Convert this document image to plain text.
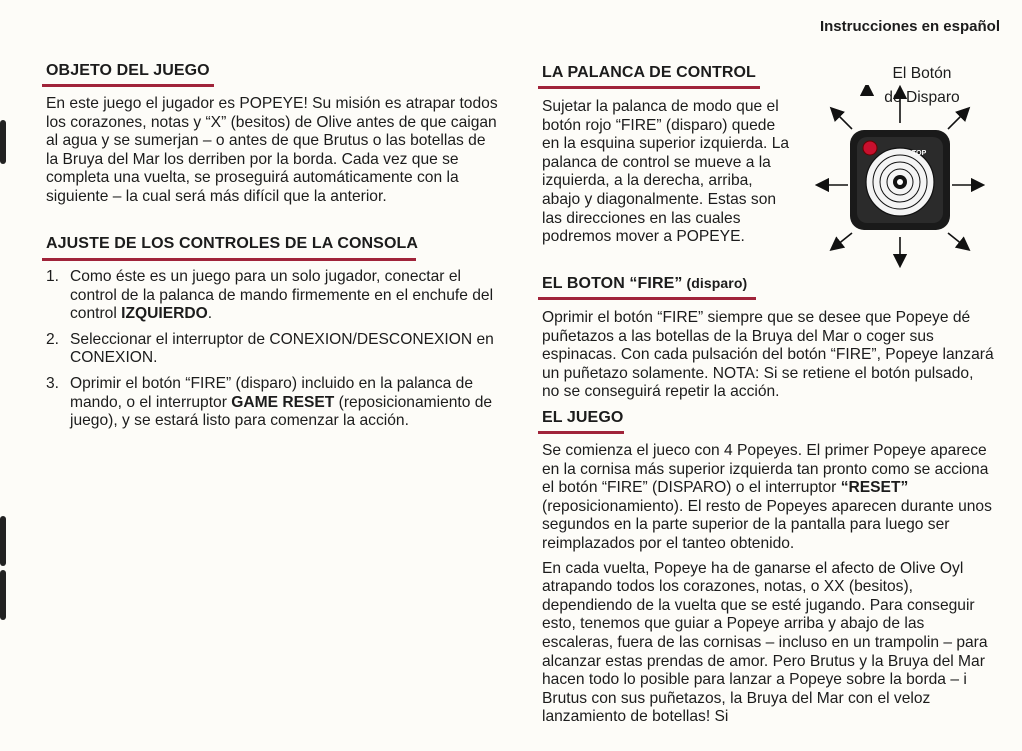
Instrucciones en español
OBJETO DEL JUEGO
En este juego el jugador es POPEYE! Su misión es atrapar todos los corazones, notas y “X” (besitos) de Olive antes de que caigan al agua y se sumerjan – o antes de que Brutus o las botellas de la Bruya del Mar los derriben por la borda. Cada vez que se completa una vuelta, se proseguirá automáticamente con la siguiente – la cual será más difícil que la anterior.
AJUSTE DE LOS CONTROLES DE LA CONSOLA
1. Como éste es un juego para un solo jugador, conectar el control de la palanca de mando firmemente en el enchufe del control IZQUIERDO.
2. Seleccionar el interruptor de CONEXION/DESCONEXION en CONEXION.
3. Oprimir el botón “FIRE” (disparo) incluido en la palanca de mando, o el interruptor GAME RESET (reposicionamiento de juego), y se estará listo para comenzar la acción.
LA PALANCA DE CONTROL
Sujetar la palanca de modo que el botón rojo “FIRE” (disparo) quede en la esquina superior izquierda. La palanca de control se mueve a la izquierda, a la derecha, arriba, abajo y diagonalmente. Estas son las direcciones en las cuales podremos mover a POPEYE.
El Botón
de Disparo
TOP
EL BOTON “FIRE” (disparo)
Oprimir el botón “FIRE” siempre que se desee que Popeye dé puñetazos a las botellas de la Bruya del Mar o coger sus espinacas. Con cada pulsación del botón “FIRE”, Popeye lanzará un puñetazo solamente. NOTA: Si se retiene el botón pulsado, no se conseguirá repetir la acción.
EL JUEGO
Se comienza el jueco con 4 Popeyes. El primer Popeye aparece en la cornisa más superior izquierda tan pronto como se acciona el botón “FIRE” (DISPARO) o el interruptor “RESET” (reposicionamiento). El resto de Popeyes aparecen durante unos segundos en la parte superior de la pantalla para luego ser reimplazados por el tanteo obtenido.
En cada vuelta, Popeye ha de ganarse el afecto de Olive Oyl atrapando todos los corazones, notas, o XX (besitos), dependiendo de la vuelta que se esté jugando. Para conseguir esto, tenemos que guiar a Popeye arriba y abajo de las escaleras, fuera de las cornisas – incluso en un trampolin – para alcanzar estas prendas de amor. Pero Brutus y la Bruya del Mar hacen todo lo posible para lanzar a Popeye sobre la borda – i Brutus con sus puñetazos, la Bruya del Mar con el veloz lanzamiento de botellas! Si
